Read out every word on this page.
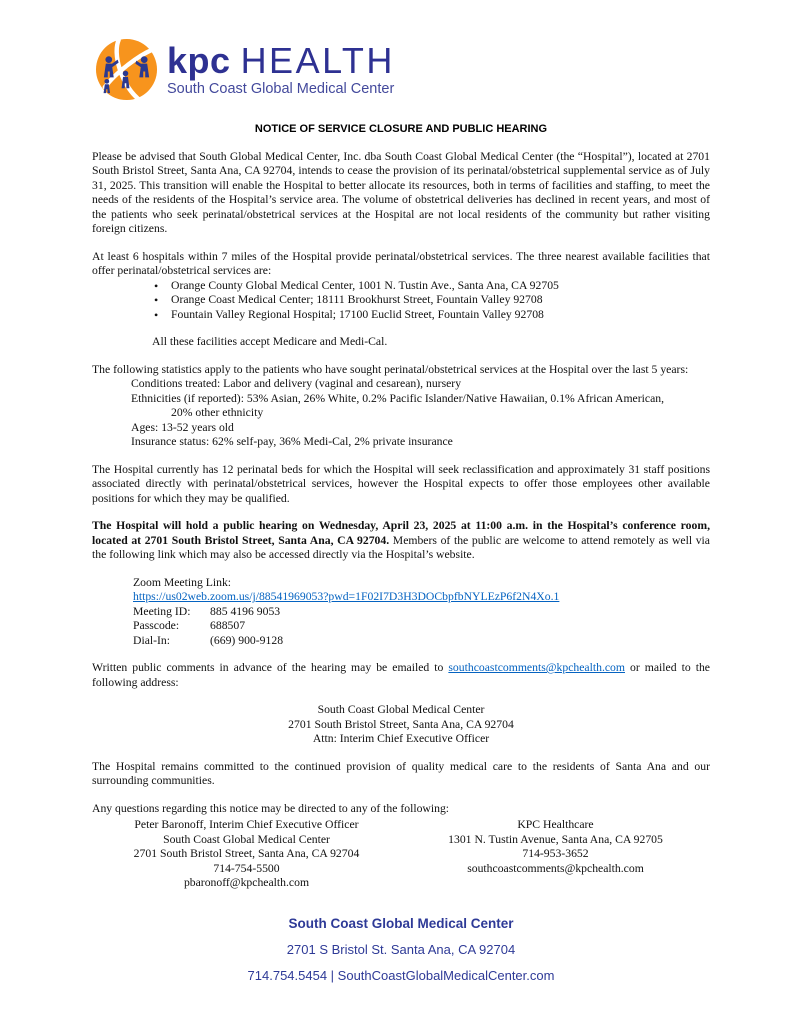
kpc HEALTH
South Coast Global Medical Center
NOTICE OF SERVICE CLOSURE AND PUBLIC HEARING

Please be advised that South Global Medical Center, Inc. dba South Coast Global Medical Center (the “Hospital”), located at 2701 South Bristol Street, Santa Ana, CA 92704, intends to cease the provision of its perinatal/obstetrical supplemental service as of July 31, 2025. This transition will enable the Hospital to better allocate its resources, both in terms of facilities and staffing, to meet the needs of the residents of the Hospital’s service area. The volume of obstetrical deliveries has declined in recent years, and most of the patients who seek perinatal/obstetrical services at the Hospital are not local residents of the community but rather visiting foreign citizens.

At least 6 hospitals within 7 miles of the Hospital provide perinatal/obstetrical services. The three nearest available facilities that offer perinatal/obstetrical services are:

• Orange County Global Medical Center, 1001 N. Tustin Ave., Santa Ana, CA 92705
• Orange Coast Medical Center; 18111 Brookhurst Street, Fountain Valley 92708
• Fountain Valley Regional Hospital; 17100 Euclid Street, Fountain Valley 92708
All these facilities accept Medicare and Medi-Cal.

The following statistics apply to the patients who have sought perinatal/obstetrical services at the Hospital over the last 5 years:

Conditions treated: Labor and delivery (vaginal and cesarean), nursery
Ethnicities (if reported): 53% Asian, 26% White, 0.2% Pacific Islander/Native Hawaiian, 0.1% African American,
20% other ethnicity
Ages: 13-52 years old
Insurance status: 62% self-pay, 36% Medi-Cal, 2% private insurance

The Hospital currently has 12 perinatal beds for which the Hospital will seek reclassification and approximately 31 staff positions associated directly with perinatal/obstetrical services, however the Hospital expects to offer those employees other available positions for which they may be qualified.

The Hospital will hold a public hearing on Wednesday, April 23, 2025 at 11:00 a.m. in the Hospital’s conference room, located at 2701 South Bristol Street, Santa Ana, CA 92704. Members of the public are welcome to attend remotely as well via the following link which may also be accessed directly via the Hospital’s website.

Zoom Meeting Link:
https://us02web.zoom.us/j/88541969053?pwd=1F02I7D3H3DOCbpfbNYLEzP6f2N4Xo.1
Meeting ID:	885 4196 9053
Passcode:	688507
Dial-In:	(669) 900-9128

Written public comments in advance of the hearing may be emailed to southcoastcomments@kpchealth.com or mailed to the following address:

South Coast Global Medical Center
2701 South Bristol Street, Santa Ana, CA 92704
Attn: Interim Chief Executive Officer

The Hospital remains committed to the continued provision of quality medical care to the residents of Santa Ana and our surrounding communities.

Any questions regarding this notice may be directed to any of the following:
Peter Baronoff, Interim Chief Executive Officer
South Coast Global Medical Center
2701 South Bristol Street, Santa Ana, CA 92704
714-754-5500
pbaronoff@kpchealth.com
KPC Healthcare
1301 N. Tustin Avenue, Santa Ana, CA 92705
714-953-3652
southcoastcomments@kpchealth.com
South Coast Global Medical Center
2701 S Bristol St. Santa Ana, CA 92704
714.754.5454 | SouthCoastGlobalMedicalCenter.com
